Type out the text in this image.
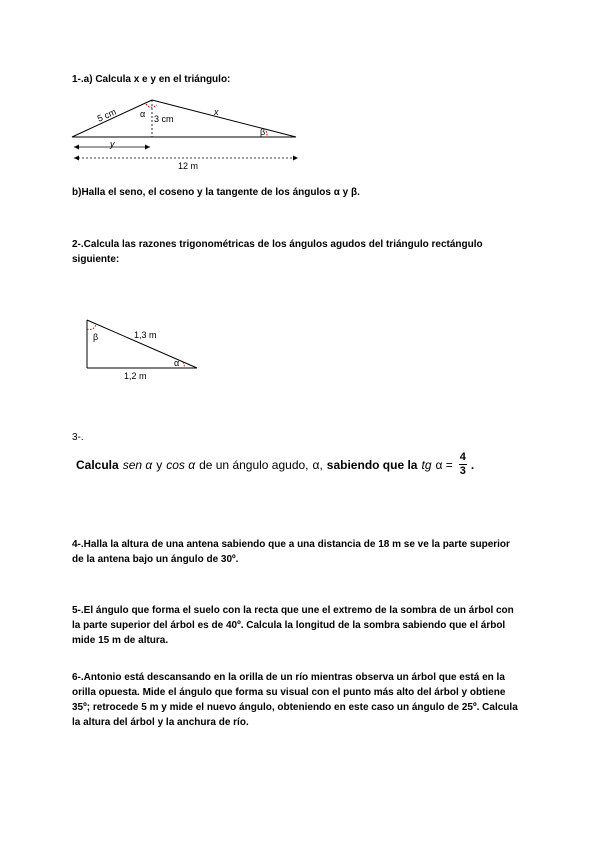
1-.a) Calcula x e y en el triángulo:
5 cm α 3 cm
x
β
y
12 m
b)Halla el seno, el coseno y la tangente de los ángulos α y β.
2-.Calcula las razones trigonométricas de los ángulos agudos del triángulo rectángulo siguiente:
β	1,3 m
α
1,2 m
3-.
Calcula sen α y cos α de un ángulo agudo, α, sabiendo que la tg $\alpha = \frac{4}{3}$ .
4-.Halla la altura de una antena sabiendo que a una distancia de 18 m se ve la parte superior de la antena bajo un ángulo de 30º.
5-.El ángulo que forma el suelo con la recta que une el extremo de la sombra de un árbol con la parte superior del árbol es de 40º. Calcula la longitud de la sombra sabiendo que el árbol mide 15 m de altura.
6-.Antonio está descansando en la orilla de un río mientras observa un árbol que está en la orilla opuesta. Mide el ángulo que forma su visual con el punto más alto del árbol y obtiene 35º; retrocede 5 m y mide el nuevo ángulo, obteniendo en este caso un ángulo de 25º. Calcula la altura del árbol y la anchura de río.
